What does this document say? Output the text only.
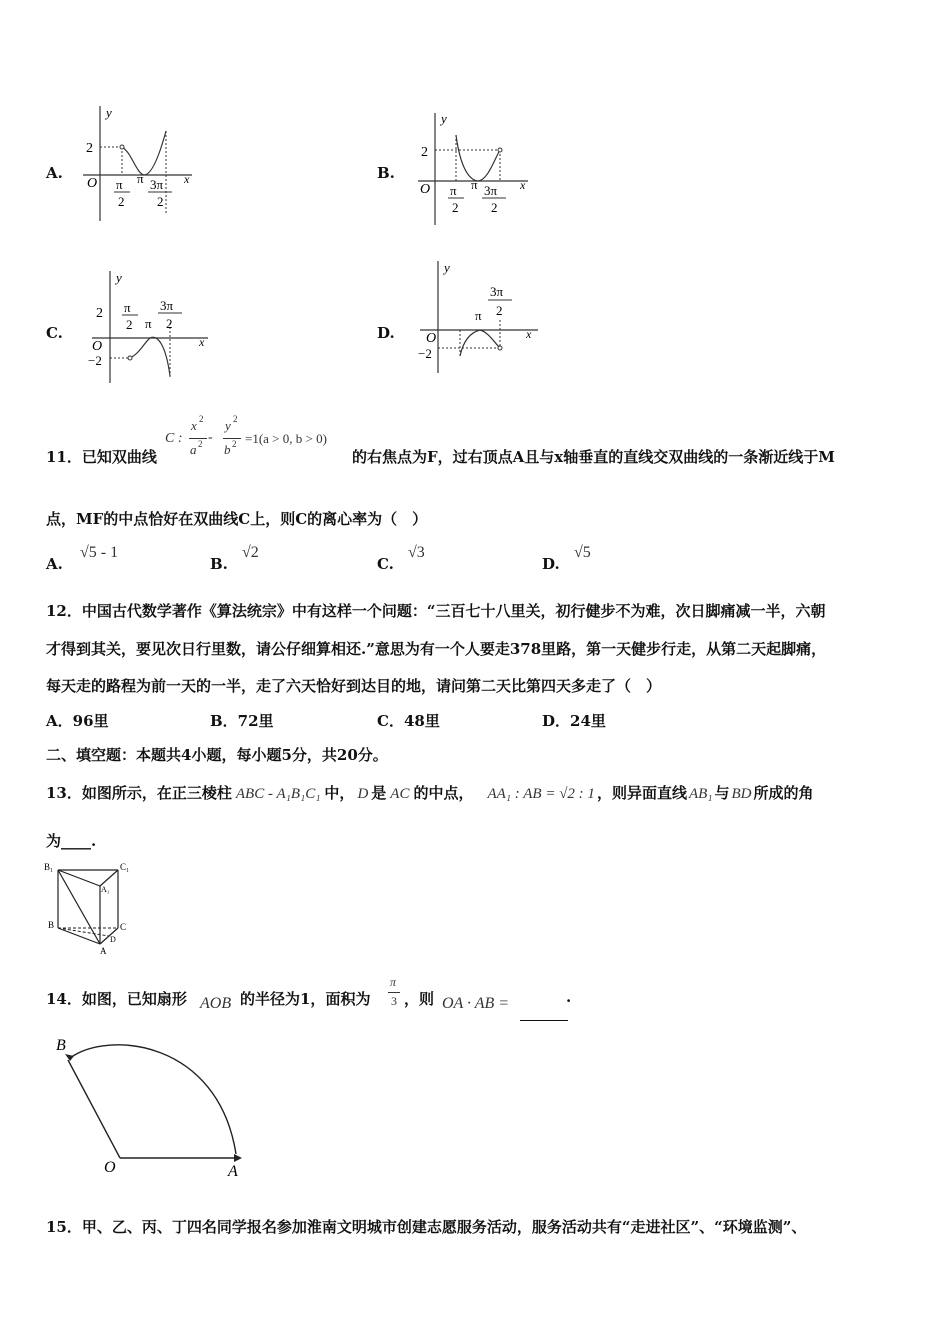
A.
y
x
O
2
π
2
π 3π
2
B.
y
x
O
2
π
2
π 3π
2
C.
y
x
O
2
−2
π
2 π
3π
2
D.
y
x
O
−2
π
3π
2
11．已知双曲线
C :
x 2
a 2 -
y 2
b 2 =1(a > 0, b > 0)
的右焦点为F，过右顶点A且与x轴垂直的直线交双曲线的一条渐近线于M
点，MF的中点恰好在双曲线C上，则C的离心率为（　）
A.
√5 - 1
B.
√2
C.
√3
D.
√5
12．中国古代数学著作《算法统宗》中有这样一个问题：“三百七十八里关，初行健步不为难，次日脚痛减一半，六朝
才得到其关，要见次日行里数，请公仔细算相还.”意思为有一个人要走378里路，第一天健步行走，从第二天起脚痛，
每天走的路程为前一天的一半，走了六天恰好到达目的地，请问第二天比第四天多走了（　）
A．96里	B．72里	C．48里	D．24里
二、填空题：本题共4小题，每小题5分，共20分。
13．如图所示，在正三棱柱 ABC - A₁B₁C₁ 中， D 是 AC 的中点， AA₁ : AB = √2 : 1 ，则异面直线 AB₁ 与 BD 所成的角
为____.
B₁	C₁
A₁
B	C
D
A
14．如图，已知扇形 AOB 的半径为1，面积为
π
3 ，则 OA · AB =	.
B
O	A
15．甲、乙、丙、丁四名同学报名参加淮南文明城市创建志愿服务活动，服务活动共有“走进社区”、“环境监测”、
